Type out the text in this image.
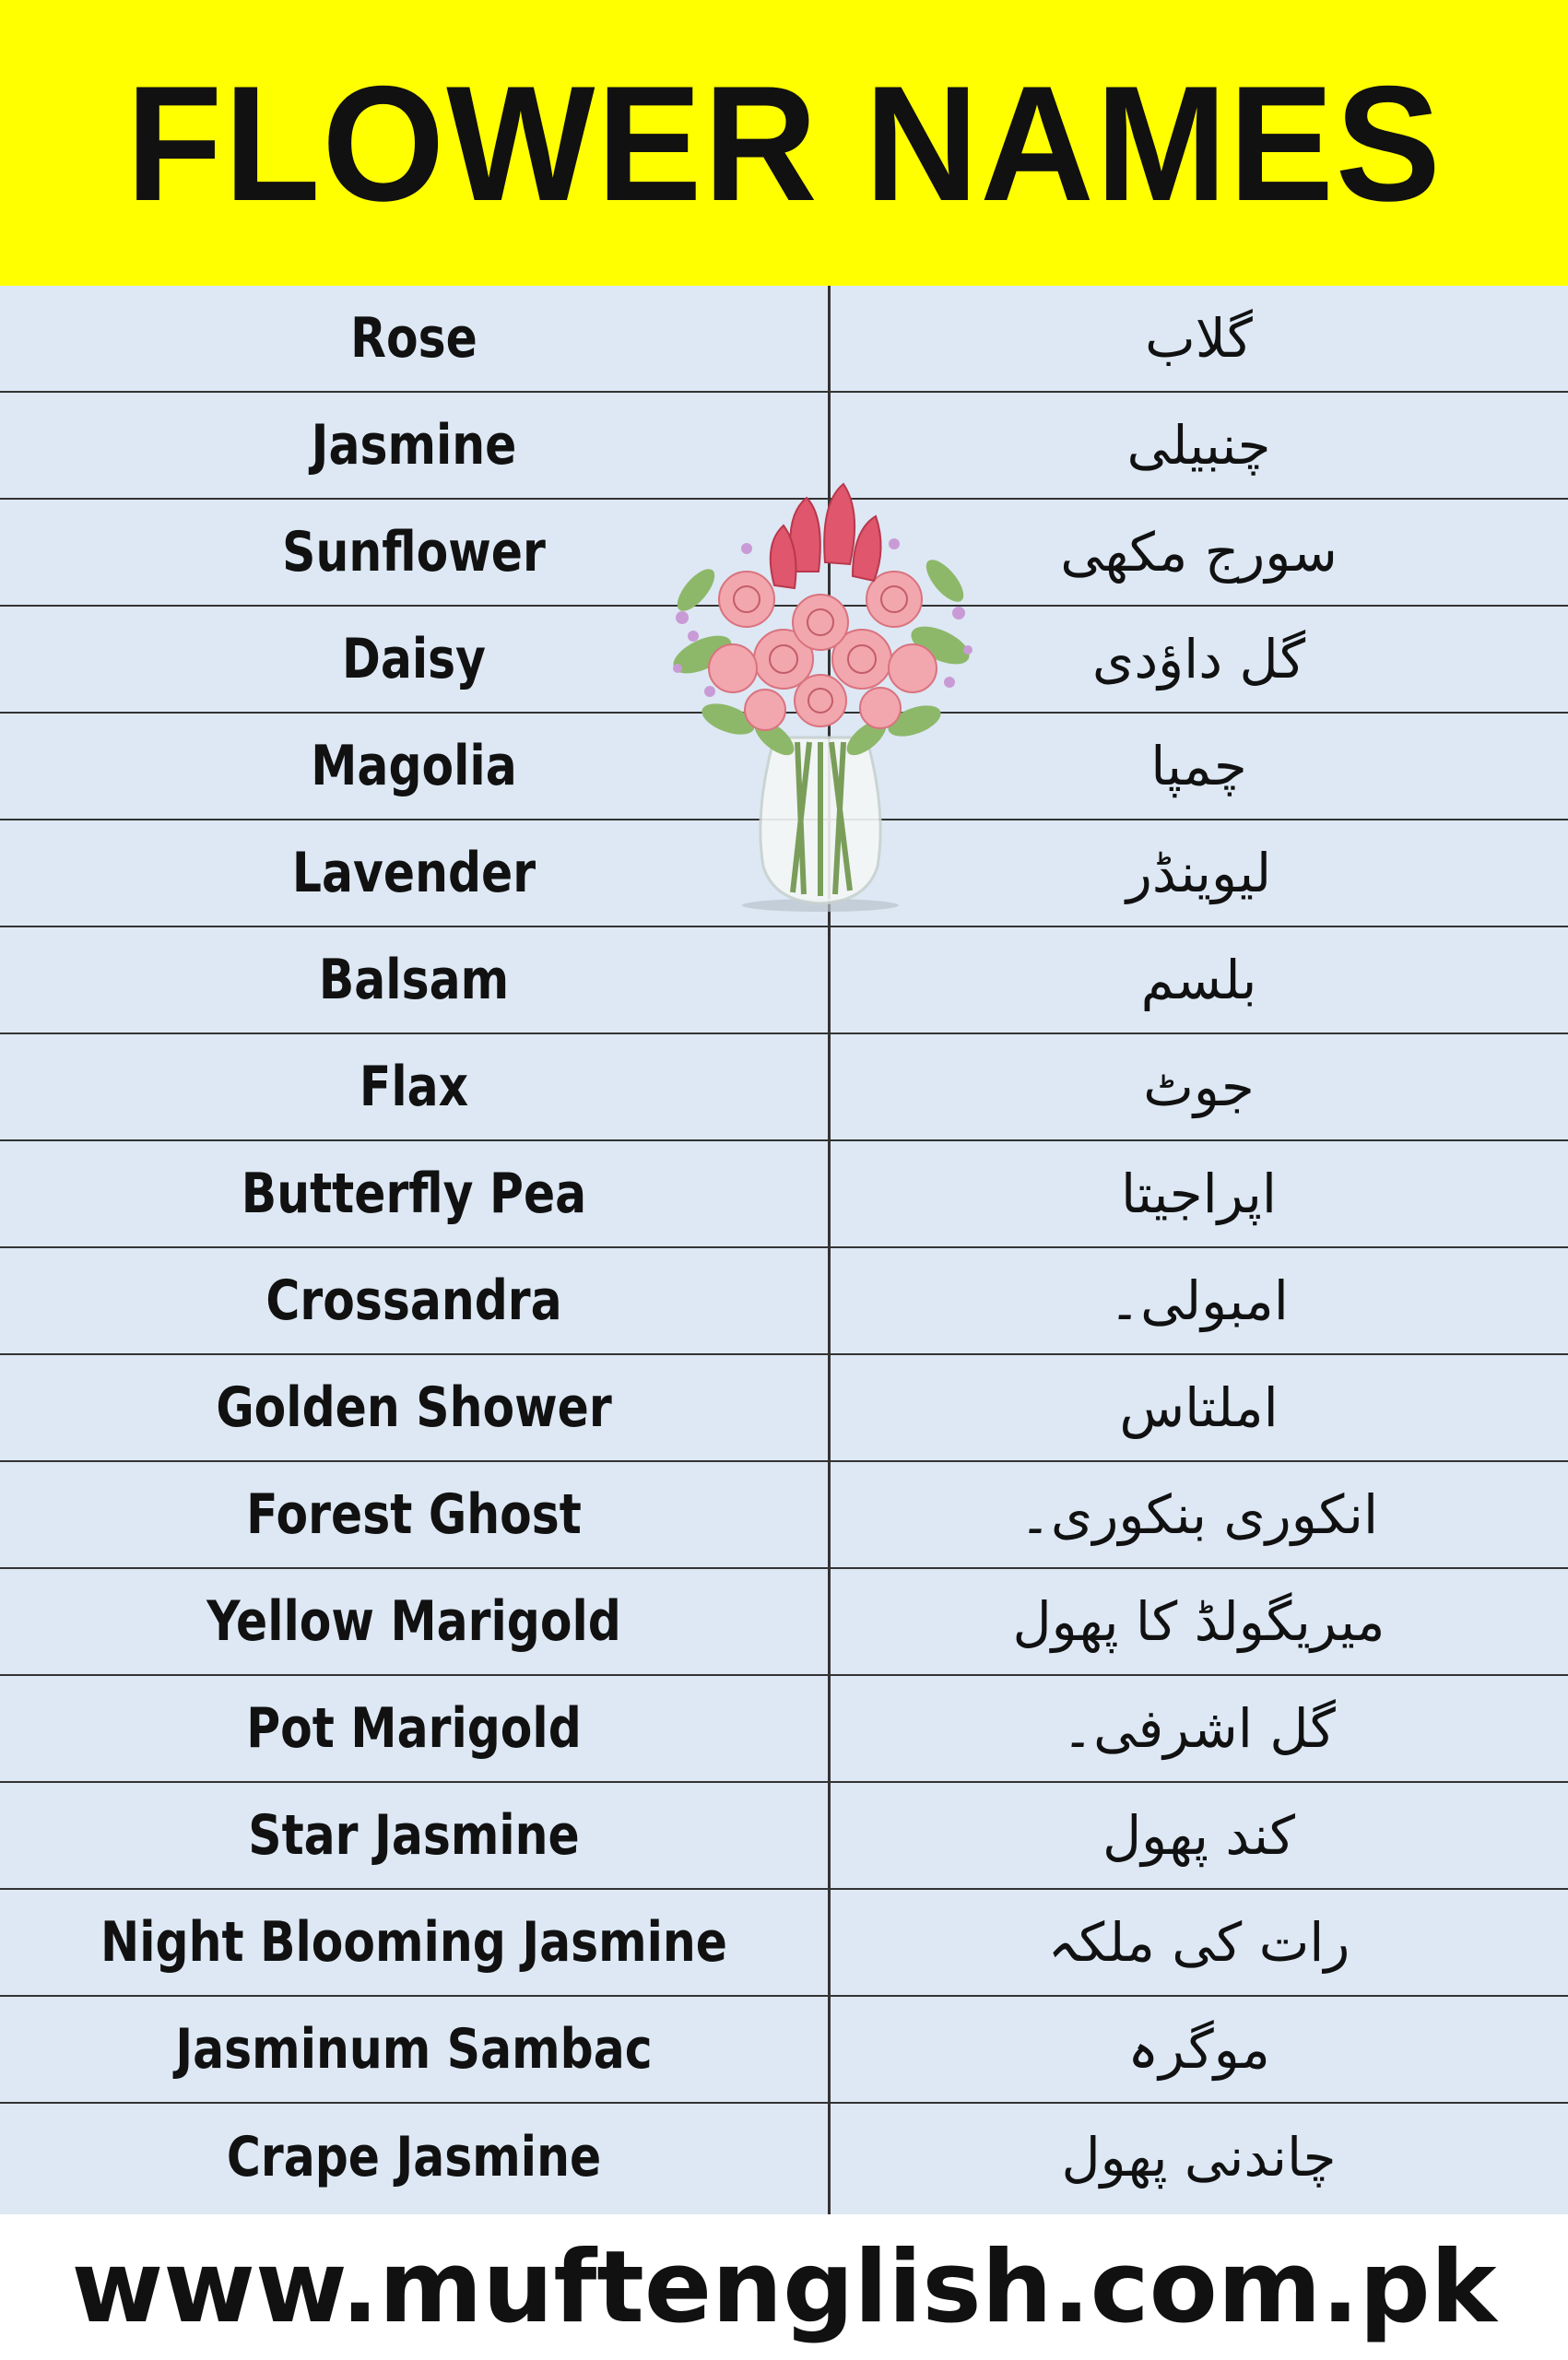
FLOWER NAMES
Rose	گلاب
Jasmine	چنبیلی
Sunflower	سورج مکھی
Daisy	گل داؤدی
Magolia	چمپا
Lavender	لیوینڈر
Balsam	بلسم
Flax	جوٹ
Butterfly Pea	اپراجیتا
Crossandra	امبولی۔
Golden Shower	املتاس
Forest Ghost	انکوری بنکوری۔
Yellow Marigold	میریگولڈ کا پھول
Pot Marigold	گل اشرفی۔
Star Jasmine	کند پھول
Night Blooming Jasmine	رات کی ملکہ
Jasminum Sambac	موگرہ
Crape Jasmine	چاندنی پھول
www.muftenglish.com.pk
